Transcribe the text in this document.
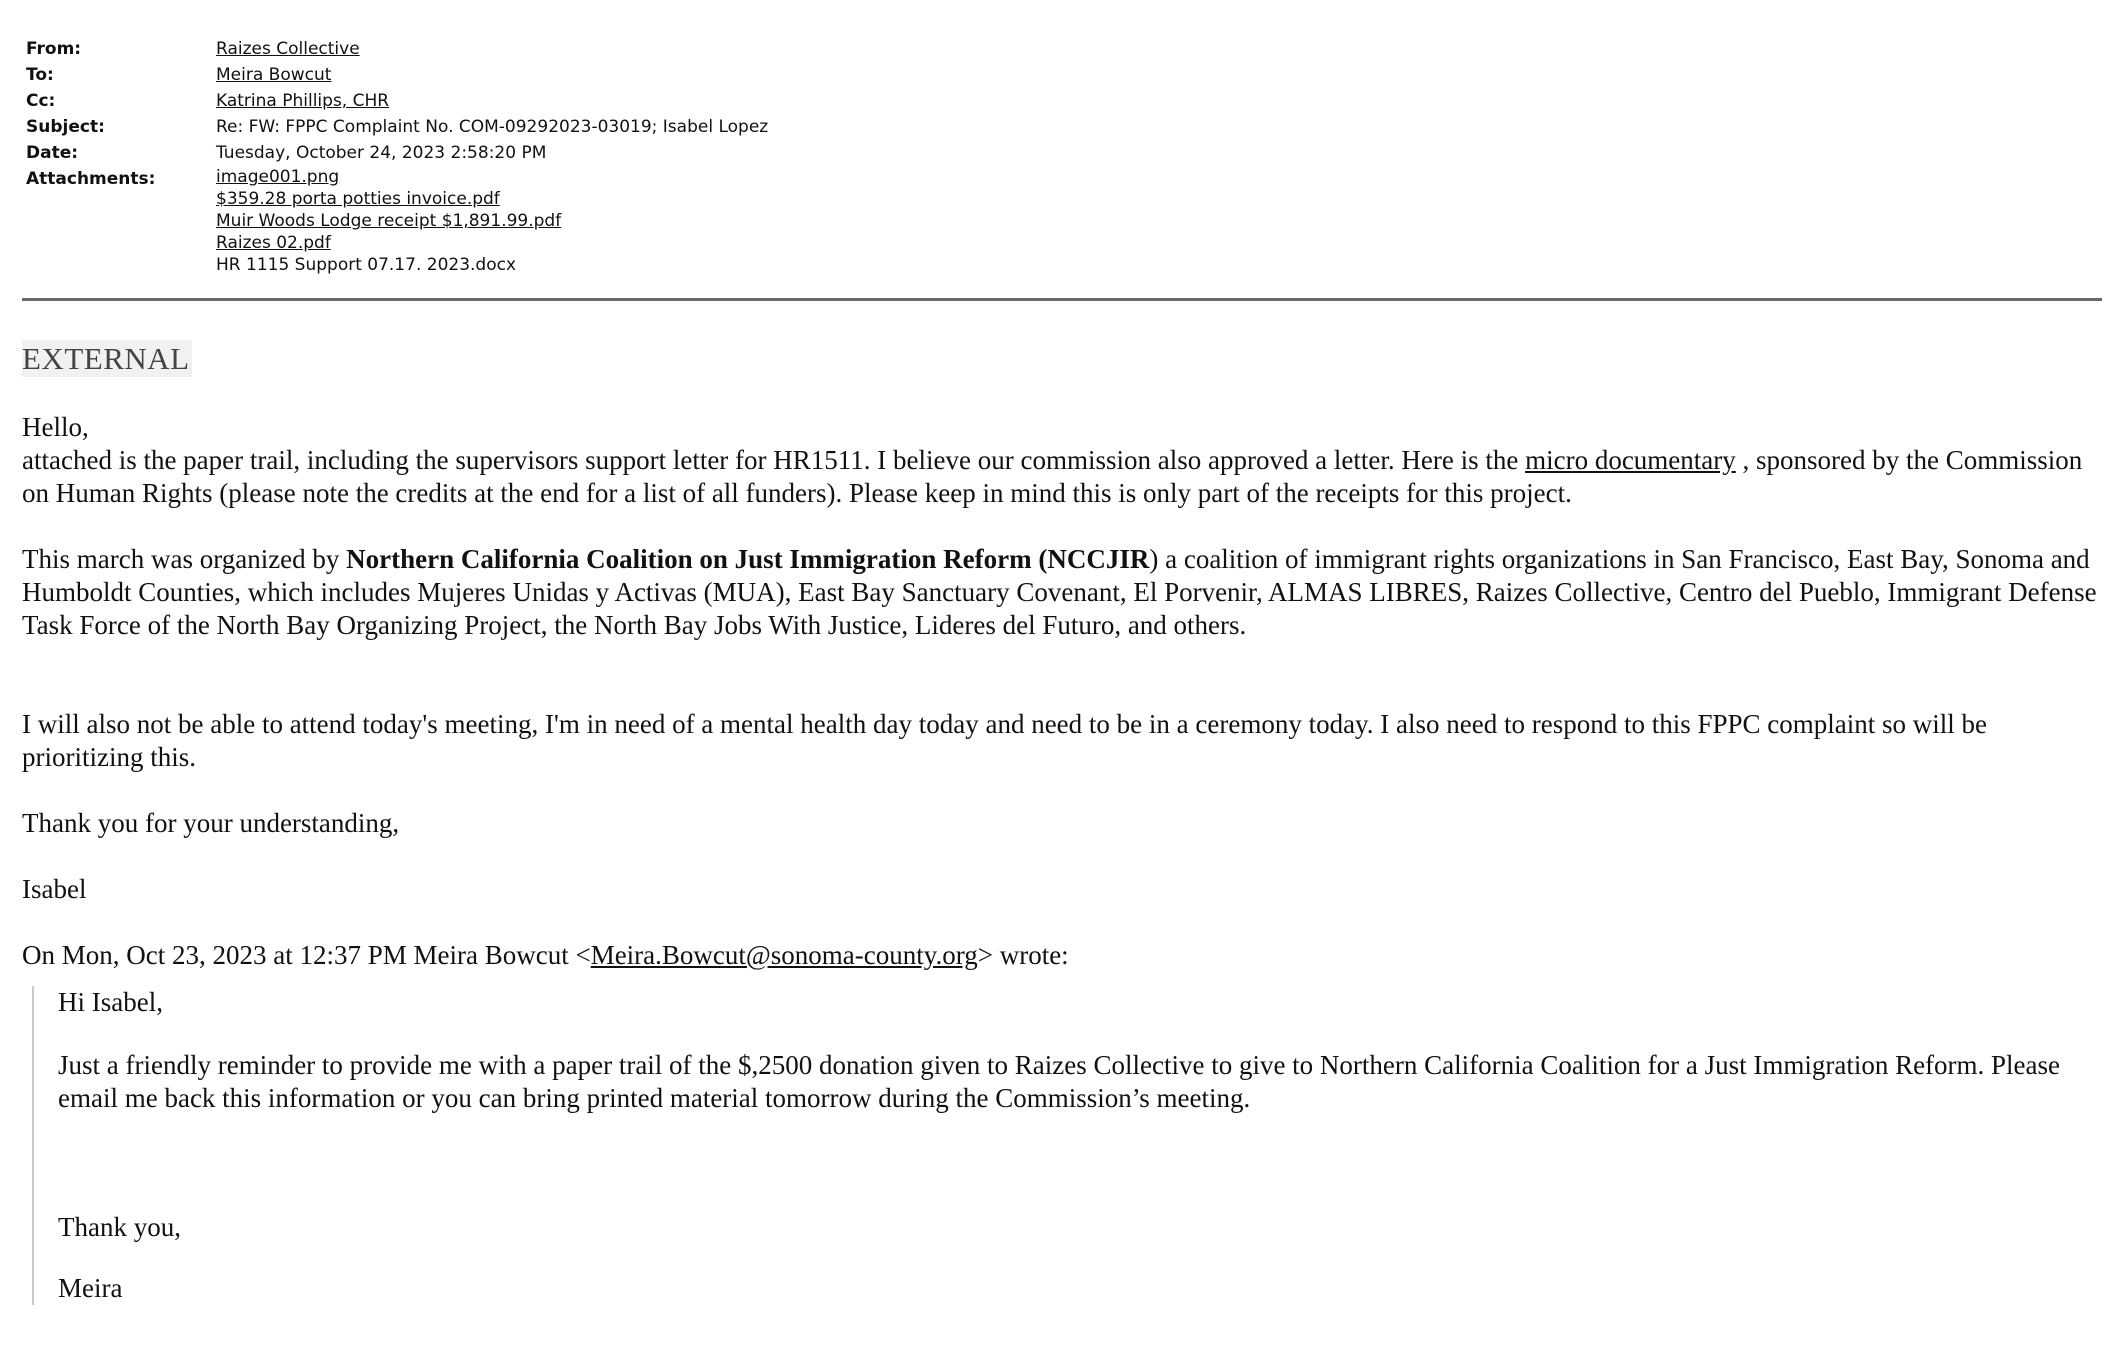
From:	Raizes Collective
To:	Meira Bowcut
Cc:	Katrina Phillips, CHR
Subject:	Re: FW: FPPC Complaint No. COM-09292023-03019; Isabel Lopez
Date:	Tuesday, October 24, 2023 2:58:20 PM
Attachments:	image001.png
$359.28 porta potties invoice.pdf
Muir Woods Lodge receipt $1,891.99.pdf
Raizes 02.pdf
HR 1115 Support 07.17. 2023.docx
EXTERNAL

Hello,

attached is the paper trail, including the supervisors support letter for HR1511. I believe our commission also approved a letter. Here is the micro documentary , sponsored by the Commission on Human Rights (please note the credits at the end for a list of all funders). Please keep in mind this is only part of the receipts for this project.

This march was organized by Northern California Coalition on Just Immigration Reform (NCCJIR) a coalition of immigrant rights organizations in San Francisco, East Bay, Sonoma and Humboldt Counties, which includes Mujeres Unidas y Activas (MUA), East Bay Sanctuary Covenant, El Porvenir, ALMAS LIBRES, Raizes Collective, Centro del Pueblo, Immigrant Defense Task Force of the North Bay Organizing Project, the North Bay Jobs With Justice, Lideres del Futuro, and others.

I will also not be able to attend today's meeting, I'm in need of a mental health day today and need to be in a ceremony today. I also need to respond to this FPPC complaint so will be prioritizing this.

Thank you for your understanding,

Isabel

On Mon, Oct 23, 2023 at 12:37 PM Meira Bowcut <Meira.Bowcut@sonoma-county.org> wrote:

Hi Isabel,

Just a friendly reminder to provide me with a paper trail of the $,2500 donation given to Raizes Collective to give to Northern California Coalition for a Just Immigration Reform. Please email me back this information or you can bring printed material tomorrow during the Commission’s meeting.

Thank you,

Meira
